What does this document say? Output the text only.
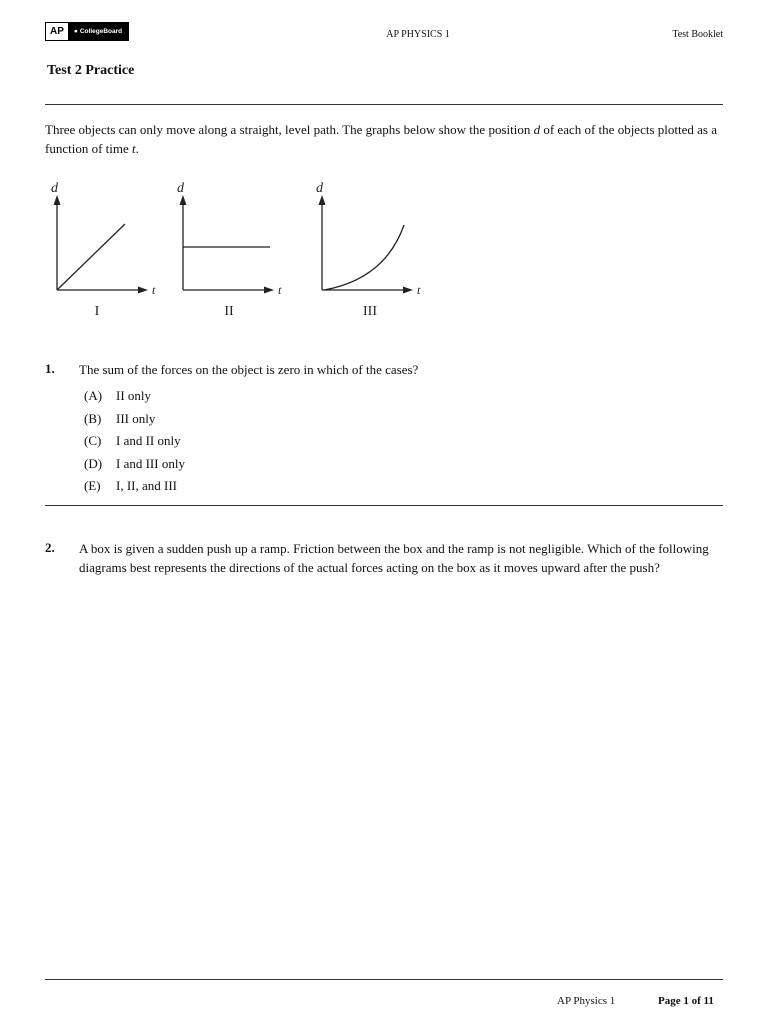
AP	● CollegeBoard	AP PHYSICS 1	Test Booklet
Test 2 Practice
Three objects can only move along a straight, level path. The graphs below show the position d of each of the objects plotted as a function of time t.
d
t
d
t
d
t
I	II	III
1. The sum of the forces on the object is zero in which of the cases?
(A)	II only
(B)	III only
(C)	I and II only
(D)	I and III only
(E)	I, II, and III
2. A box is given a sudden push up a ramp. Friction between the box and the ramp is not negligible. Which of the following diagrams best represents the directions of the actual forces acting on the box as it moves upward after the push?
AP Physics 1	Page 1 of 11
